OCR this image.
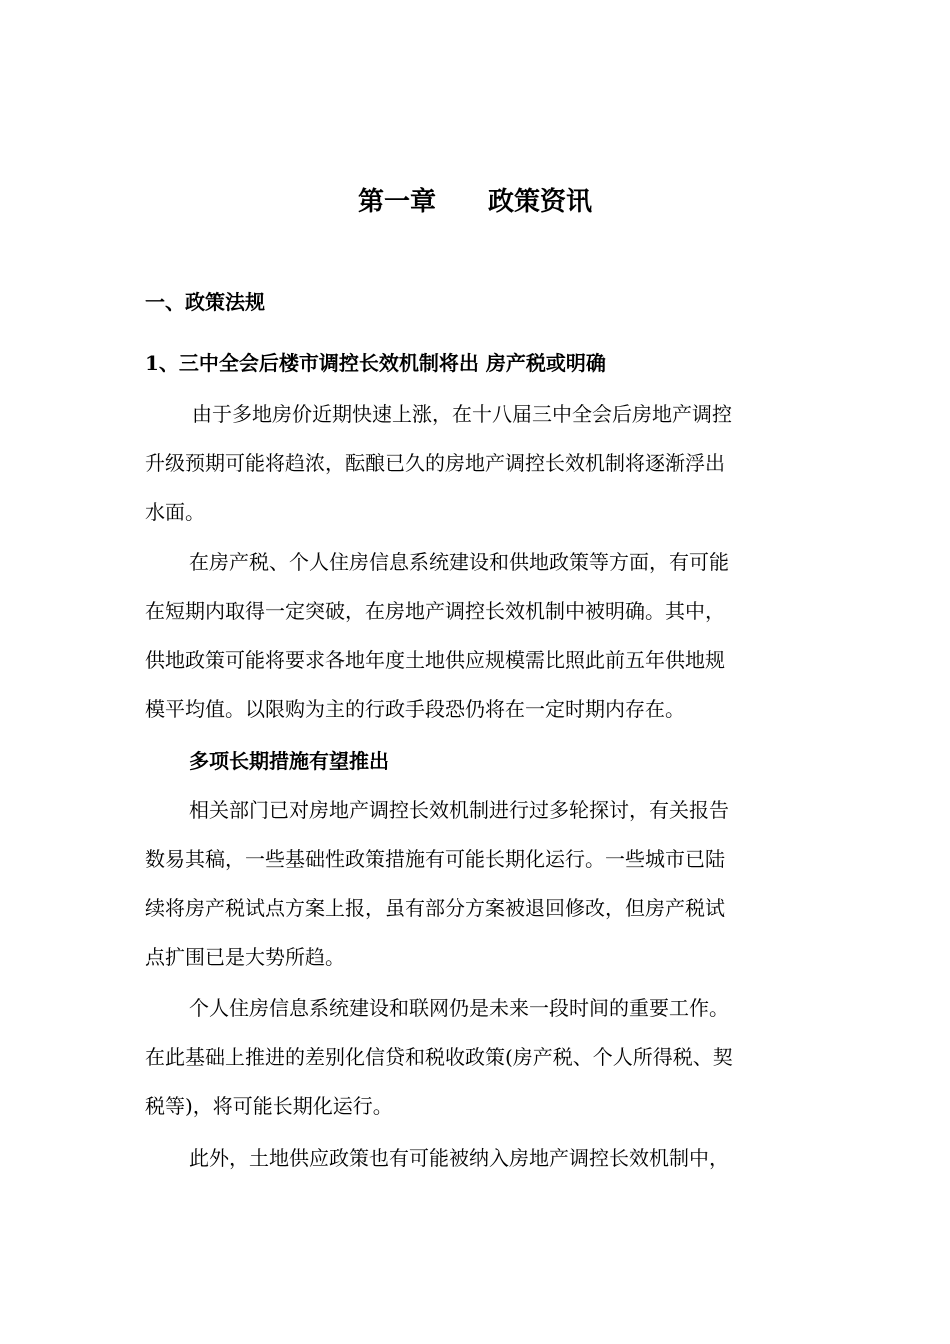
第一章　　政策资讯
一、政策法规
1、三中全会后楼市调控长效机制将出 房产税或明确
由于多地房价近期快速上涨，在十八届三中全会后房地产调控
升级预期可能将趋浓，酝酿已久的房地产调控长效机制将逐渐浮出
水面。
在房产税、个人住房信息系统建设和供地政策等方面，有可能
在短期内取得一定突破，在房地产调控长效机制中被明确。其中，
供地政策可能将要求各地年度土地供应规模需比照此前五年供地规
模平均值。以限购为主的行政手段恐仍将在一定时期内存在。
多项长期措施有望推出
相关部门已对房地产调控长效机制进行过多轮探讨，有关报告
数易其稿，一些基础性政策措施有可能长期化运行。一些城市已陆
续将房产税试点方案上报，虽有部分方案被退回修改，但房产税试
点扩围已是大势所趋。
个人住房信息系统建设和联网仍是未来一段时间的重要工作。
在此基础上推进的差别化信贷和税收政策(房产税、个人所得税、契
税等)，将可能长期化运行。
此外，土地供应政策也有可能被纳入房地产调控长效机制中，
